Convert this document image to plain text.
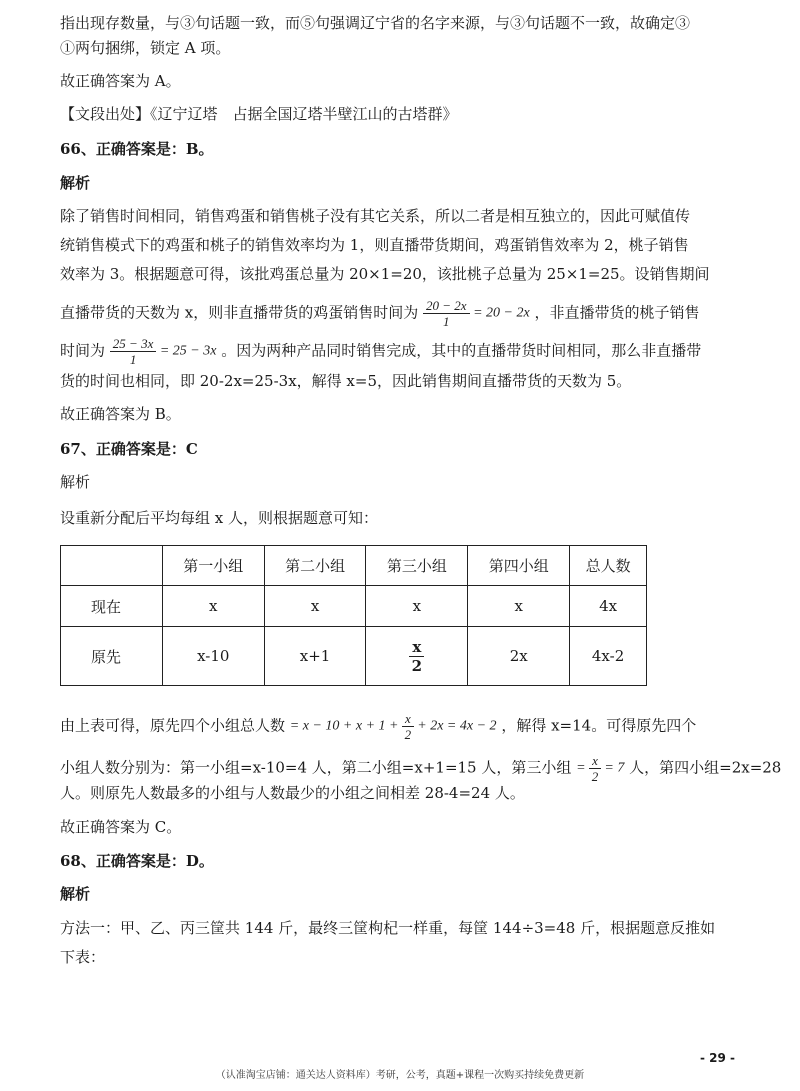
指出现存数量，与③句话题一致，而⑤句强调辽宁省的名字来源，与③句话题不一致，故确定③
①两句捆绑，锁定 A 项。
故正确答案为 A。
【文段出处】《辽宁辽塔　占据全国辽塔半壁江山的古塔群》
66、正确答案是：B。
解析
除了销售时间相同，销售鸡蛋和销售桃子没有其它关系，所以二者是相互独立的，因此可赋值传
统销售模式下的鸡蛋和桃子的销售效率均为 1，则直播带货期间，鸡蛋销售效率为 2，桃子销售
效率为 3。根据题意可得，该批鸡蛋总量为 20×1=20，该批桃子总量为 25×1=25。设销售期间
直播带货的天数为 x，则非直播带货的鸡蛋销售时间为 $\frac{20 - 2x}{1} = 20 - 2x$ ，非直播带货的桃子销售
时间为 $\frac{25 - 3x}{1} = 25 - 3x$ 。因为两种产品同时销售完成，其中的直播带货时间相同，那么非直播带
货的时间也相同，即 20-2x=25-3x，解得 x=5，因此销售期间直播带货的天数为 5。
故正确答案为 B。
67、正确答案是：C
解析
设重新分配后平均每组 x 人，则根据题意可知：
	第一小组	第二小组	第三小组	第四小组	总人数
现在	x	x	x	x	4x
原先	x-10	x+1	$\frac{x}{2}$	2x	4x-2
由上表可得，原先四个小组总人数 = $x - 10 + x + 1 + \frac{x}{2} + 2x = 4x - 2$ ，解得 x=14。可得原先四个
小组人数分别为：第一小组=x-10=4 人，第二小组=x+1=15 人，第三小组 = $\frac{x}{2} = 7$ 人，第四小组=2x=28
人。则原先人数最多的小组与人数最少的小组之间相差 28-4=24 人。
故正确答案为 C。
68、正确答案是：D。
解析
方法一：甲、乙、丙三筐共 144 斤，最终三筐枸杞一样重，每筐 144÷3=48 斤，根据题意反推如
下表：
- 29 -
（认准淘宝店铺：通关达人资料库）考研，公考，真题+课程一次购买持续免费更新
